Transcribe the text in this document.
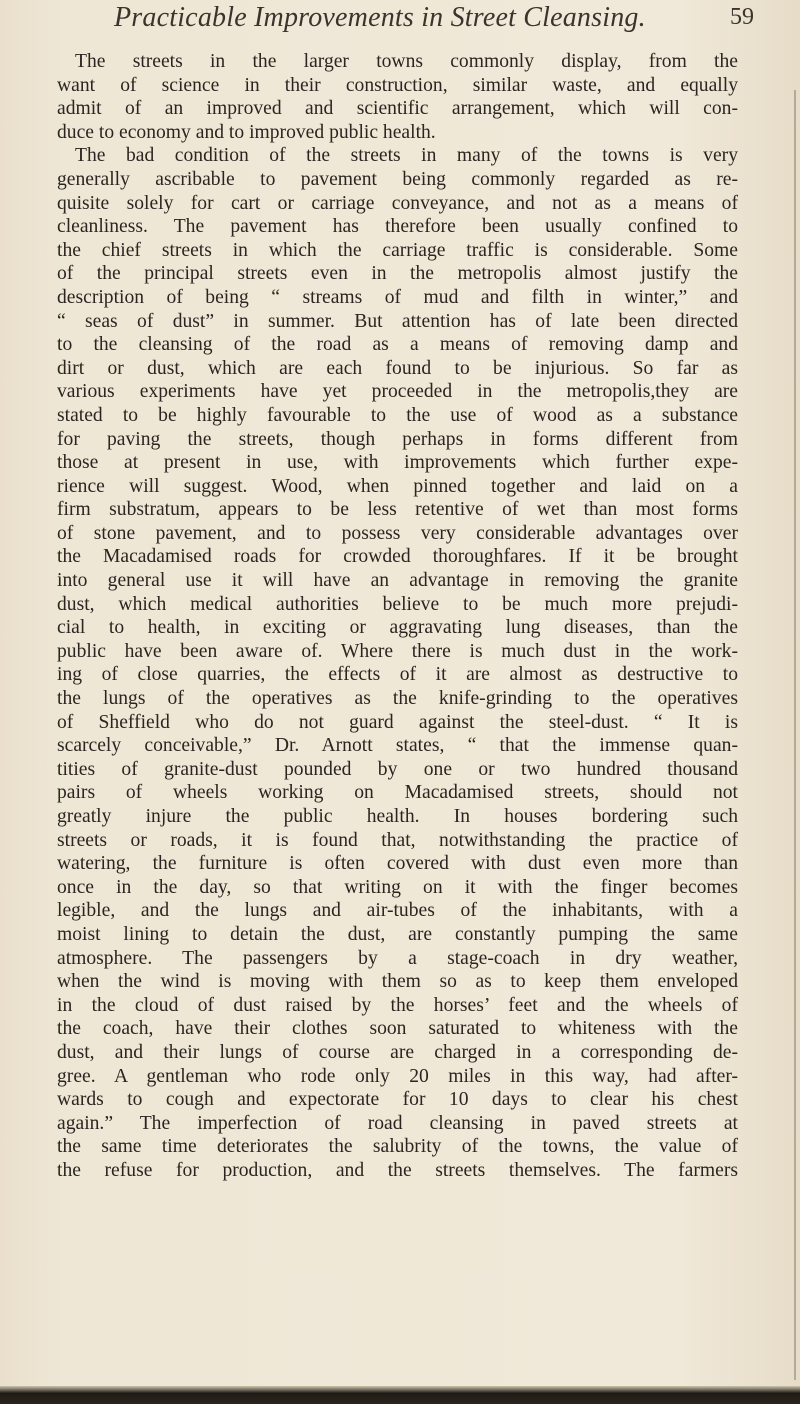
Practicable Improvements in Street Cleansing.	59
The streets in the larger towns commonly display, from the
want of science in their construction, similar waste, and equally
admit of an improved and scientific arrangement, which will con-
duce to economy and to improved public health.
The bad condition of the streets in many of the towns is very
generally ascribable to pavement being commonly regarded as re-
quisite solely for cart or carriage conveyance, and not as a means of
cleanliness. The pavement has therefore been usually confined to
the chief streets in which the carriage traffic is considerable. Some
of the principal streets even in the metropolis almost justify the
description of being “ streams of mud and filth in winter,” and
“ seas of dust” in summer. But attention has of late been directed
to the cleansing of the road as a means of removing damp and
dirt or dust, which are each found to be injurious. So far as
various experiments have yet proceeded in the metropolis,they are
stated to be highly favourable to the use of wood as a substance
for paving the streets, though perhaps in forms different from
those at present in use, with improvements which further expe-
rience will suggest. Wood, when pinned together and laid on a
firm substratum, appears to be less retentive of wet than most forms
of stone pavement, and to possess very considerable advantages over
the Macadamised roads for crowded thoroughfares. If it be brought
into general use it will have an advantage in removing the granite
dust, which medical authorities believe to be much more prejudi-
cial to health, in exciting or aggravating lung diseases, than the
public have been aware of. Where there is much dust in the work-
ing of close quarries, the effects of it are almost as destructive to
the lungs of the operatives as the knife-grinding to the operatives
of Sheffield who do not guard against the steel-dust. “ It is
scarcely conceivable,” Dr. Arnott states, “ that the immense quan-
tities of granite-dust pounded by one or two hundred thousand
pairs of wheels working on Macadamised streets, should not
greatly injure the public health. In houses bordering such
streets or roads, it is found that, notwithstanding the practice of
watering, the furniture is often covered with dust even more than
once in the day, so that writing on it with the finger becomes
legible, and the lungs and air-tubes of the inhabitants, with a
moist lining to detain the dust, are constantly pumping the same
atmosphere. The passengers by a stage-coach in dry weather,
when the wind is moving with them so as to keep them enveloped
in the cloud of dust raised by the horses’ feet and the wheels of
the coach, have their clothes soon saturated to whiteness with the
dust, and their lungs of course are charged in a corresponding de-
gree. A gentleman who rode only 20 miles in this way, had after-
wards to cough and expectorate for 10 days to clear his chest
again.” The imperfection of road cleansing in paved streets at
the same time deteriorates the salubrity of the towns, the value of
the refuse for production, and the streets themselves. The farmers
